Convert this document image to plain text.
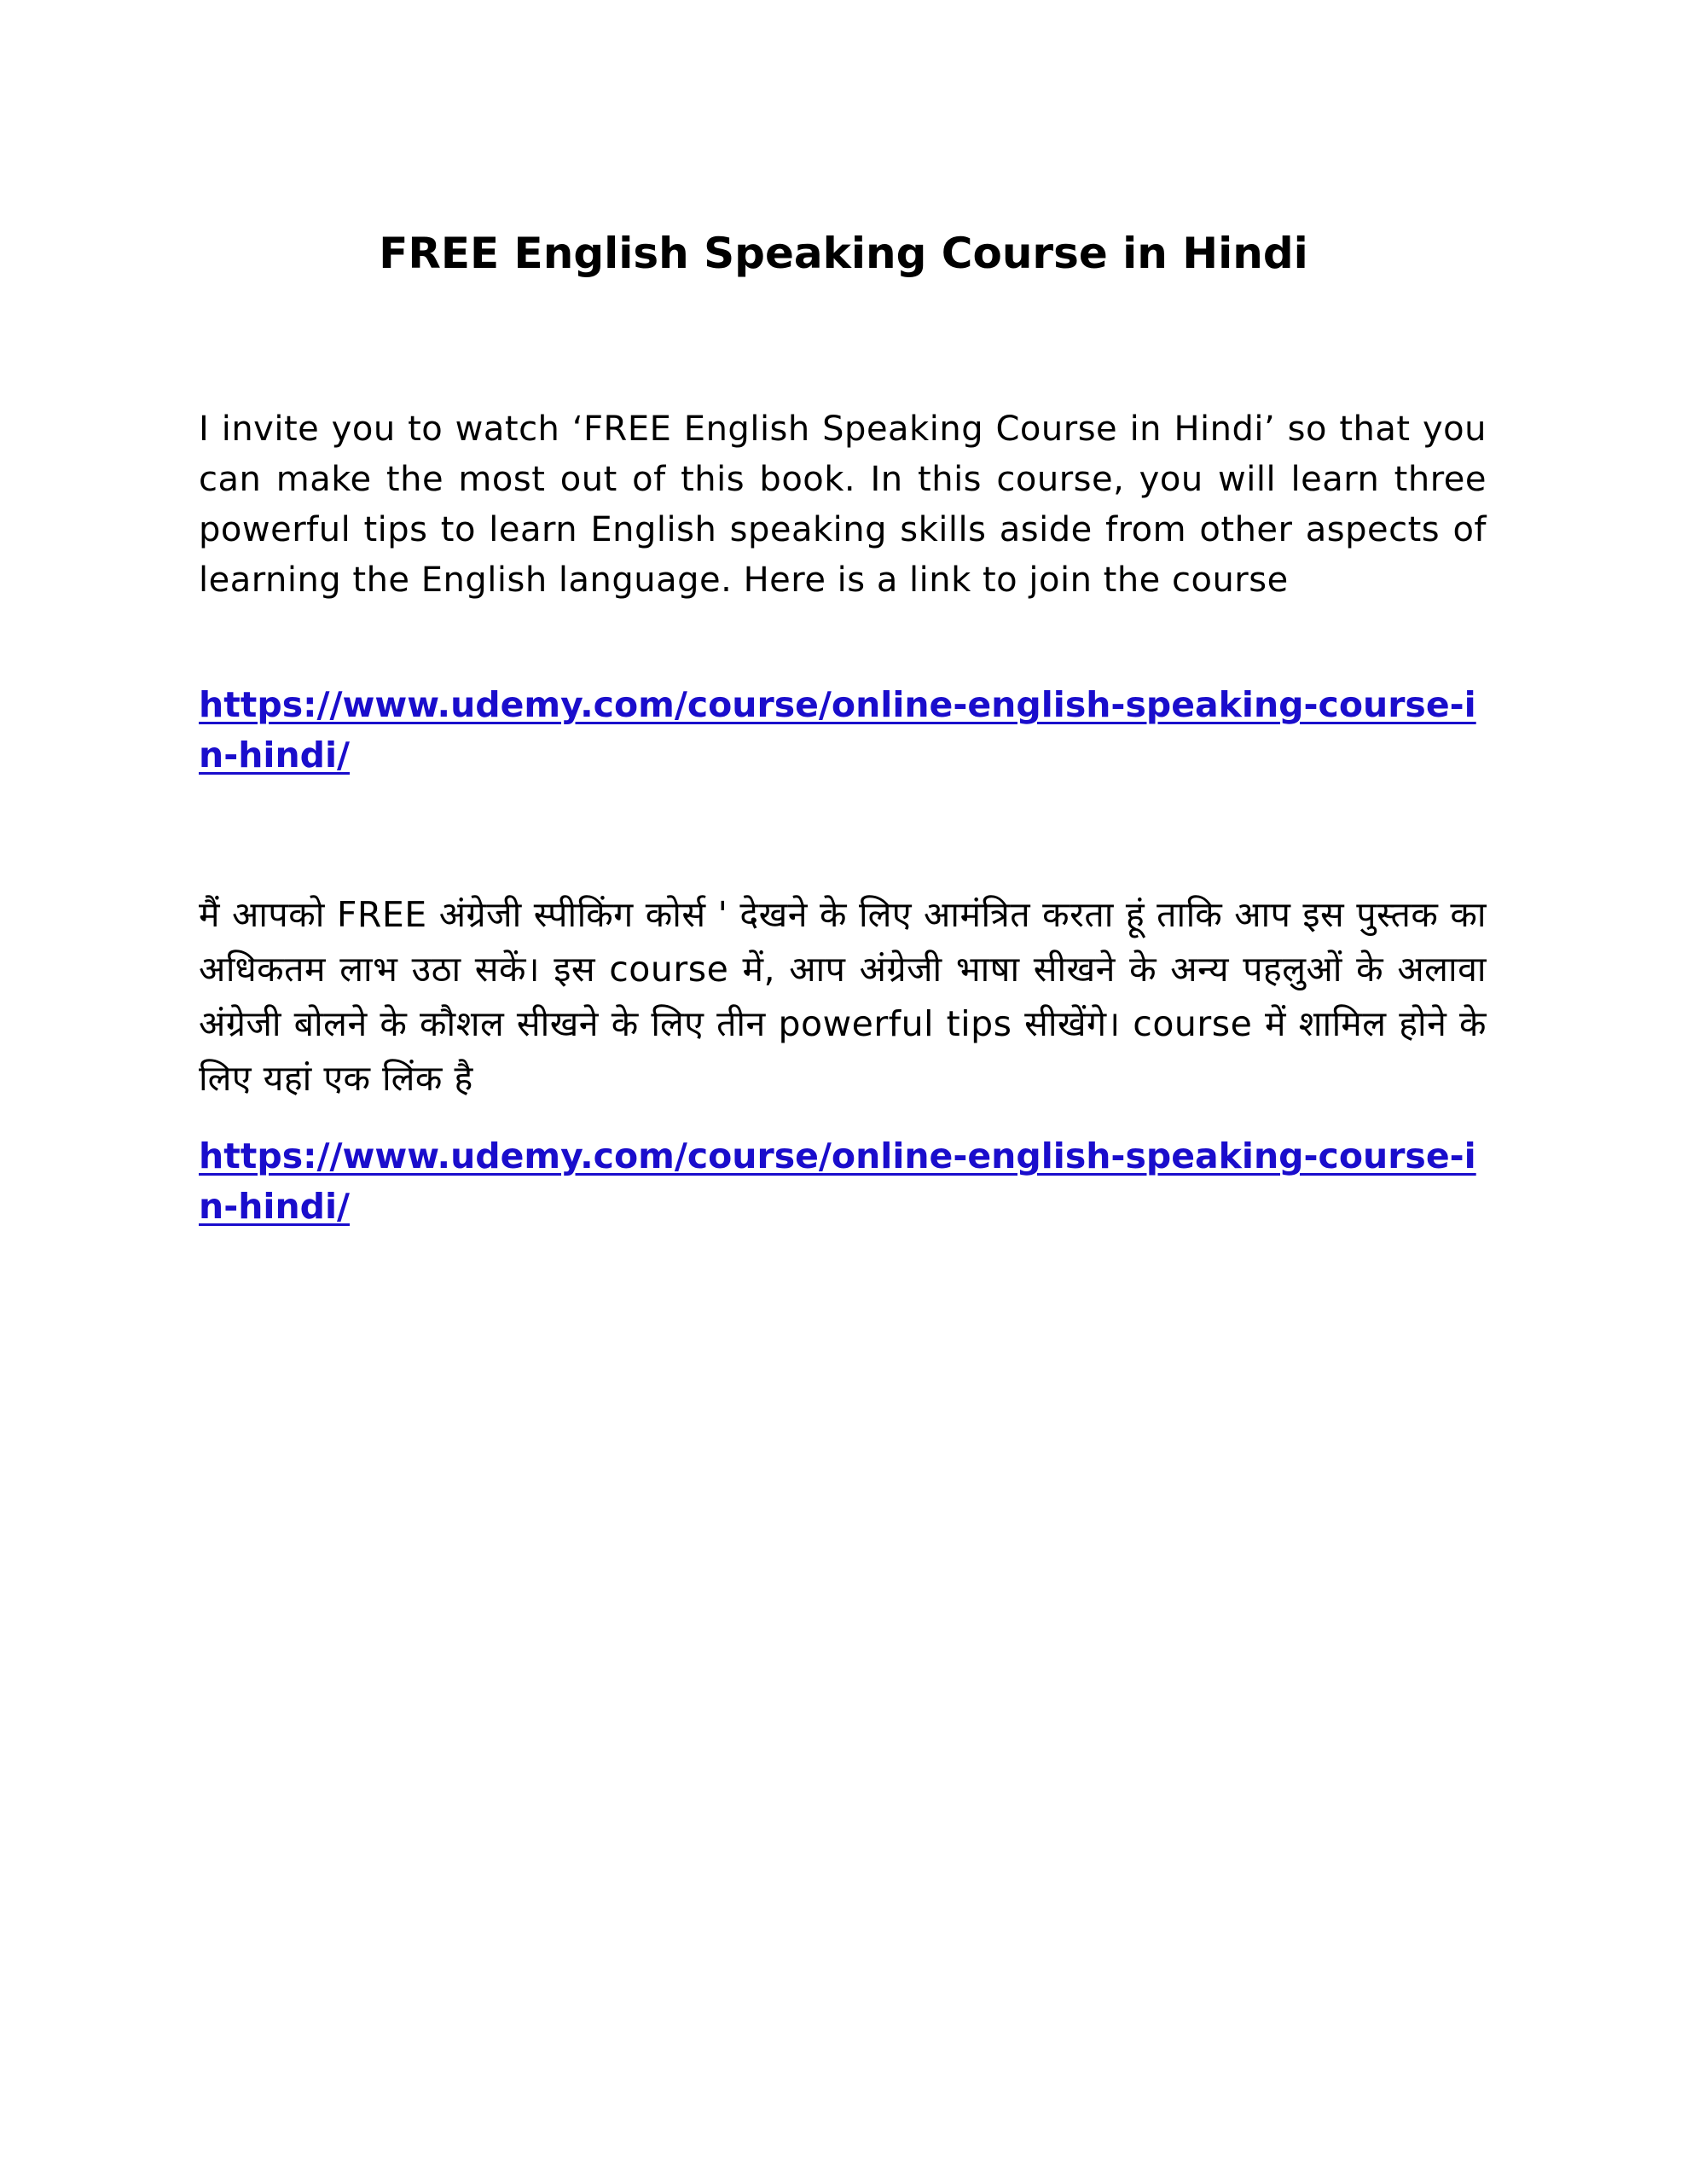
FREE English Speaking Course in Hindi

I invite you to watch ‘FREE English Speaking Course in Hindi’ so that you can make the most out of this book. In this course, you will learn three powerful tips to learn English speaking skills aside from other aspects of learning the English language. Here is a link to join the course

https://www.udemy.com/course/online-english-speaking-course-in-hindi/

मैं आपको FREE अंग्रेजी स्पीकिंग कोर्स ' देखने के लिए आमंत्रित करता हूं ताकि आप इस पुस्तक का अधिकतम लाभ उठा सकें। इस course में, आप अंग्रेजी भाषा सीखने के अन्य पहलुओं के अलावा अंग्रेजी बोलने के कौशल सीखने के लिए तीन powerful tips सीखेंगे। course में शामिल होने के लिए यहां एक लिंक है

https://www.udemy.com/course/online-english-speaking-course-in-hindi/
